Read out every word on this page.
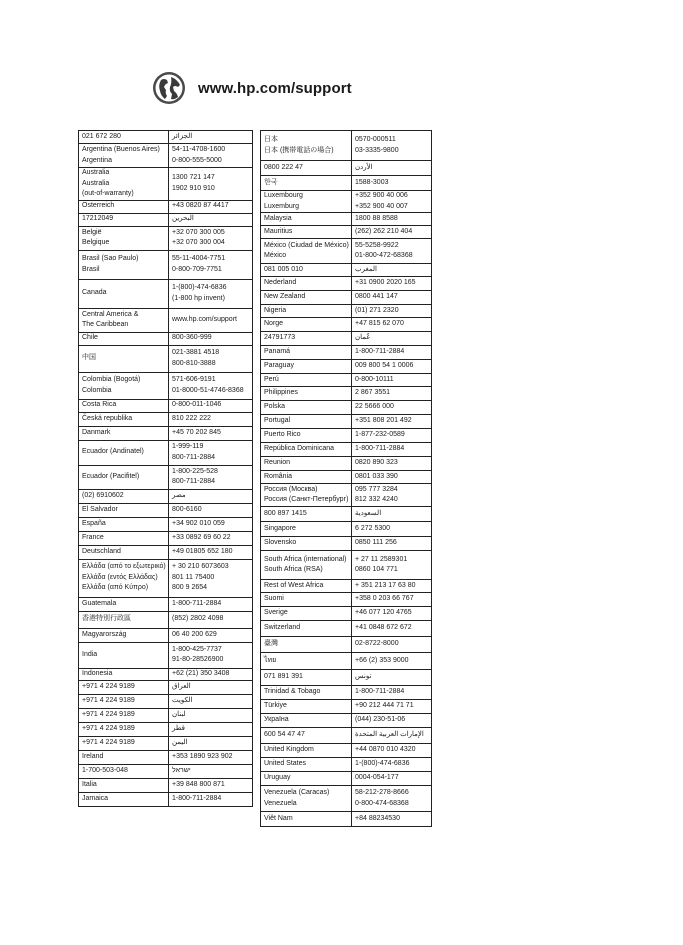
www.hp.com/support
021 672 280	الجزائر

Argentina (Buenos Aires)
Argentina	54-11-4708-1600
0-800-555-5000

Australia
Australia
(out-of-warranty)	1300 721 147
1902 910 910

Österreich	+43 0820 87 4417

17212049	البحرين

België
Belgique	+32 070 300 005
+32 070 300 004

Brasil (Sao Paulo)
Brasil	55-11-4004-7751
0-800-709-7751

Canada	1-(800)-474-6836
(1-800 hp invent)

Central America &
The Caribbean	www.hp.com/support

Chile	800-360-999

中国	021-3881 4518
800-810-3888

Colombia (Bogotá)
Colombia	571-606-9191
01-8000-51-4746-8368

Costa Rica	0-800-011-1046

Česká republika	810 222 222

Danmark	+45 70 202 845

Ecuador (Andinatel)	1-999-119
800-711-2884

Ecuador (Pacifitel)	1-800-225-528
800-711-2884

(02) 6910602	مصر

El Salvador	800-6160

España	+34 902 010 059

France	+33 0892 69 60 22

Deutschland	+49 01805 652 180

Ελλάδα (από το εξωτερικό)
Ελλάδα (εντός Ελλάδας)
Ελλάδα (από Κύπρο)	+ 30 210 6073603
801 11 75400
800 9 2654

Guatemala	1-800-711-2884

香港特別行政區	(852) 2802 4098

Magyarország	06 40 200 629

India	1-800-425-7737
91-80-28526900

Indonesia	+62 (21) 350 3408

+971 4 224 9189	العراق

+971 4 224 9189	الكويت

+971 4 224 9189	لبنان

+971 4 224 9189	قطر

+971 4 224 9189	اليمن

Ireland	+353 1890 923 902

1-700-503-048	ישראל

Italia	+39 848 800 871

Jamaica	1-800-711-2884
日本
日本 (携帯電話の場合)	0570-000511
03-3335-9800

0800 222 47	الأردن

한국	1588-3003

Luxembourg
Luxemburg	+352 900 40 006
+352 900 40 007

Malaysia	1800 88 8588

Mauritius	(262) 262 210 404

México (Ciudad de México)
México	55-5258-9922
01-800-472-68368

081 005 010	المغرب

Nederland	+31 0900 2020 165

New Zealand	0800 441 147

Nigeria	(01) 271 2320

Norge	+47 815 62 070

24791773	عُمان

Panamá	1-800-711-2884

Paraguay	009 800 54 1 0006

Perú	0-800-10111

Philippines	2 867 3551

Polska	22 5666 000

Portugal	+351 808 201 492

Puerto Rico	1-877-232-0589

República Dominicana	1-800-711-2884

Reunion	0820 890 323

România	0801 033 390

Россия (Москва)
Россия (Санкт-Петербург)	095 777 3284
812 332 4240

800 897 1415	السعودية

Singapore	6 272 5300

Slovensko	0850 111 256

South Africa (international)
South Africa (RSA)	+ 27 11 2589301
0860 104 771

Rest of West Africa	+ 351 213 17 63 80

Suomi	+358 0 203 66 767

Sverige	+46 077 120 4765

Switzerland	+41 0848 672 672

臺灣	02-8722-8000

ไทย	+66 (2) 353 9000

071 891 391	تونس

Trinidad & Tobago	1-800-711-2884

Türkiye	+90 212 444 71 71

Україна	(044) 230-51-06

600 54 47 47	الإمارات العربية المتحدة

United Kingdom	+44 0870 010 4320

United States	1-(800)-474-6836

Uruguay	0004-054-177

Venezuela (Caracas)
Venezuela	58-212-278-8666
0-800-474-68368

Viêt Nam	+84 88234530
